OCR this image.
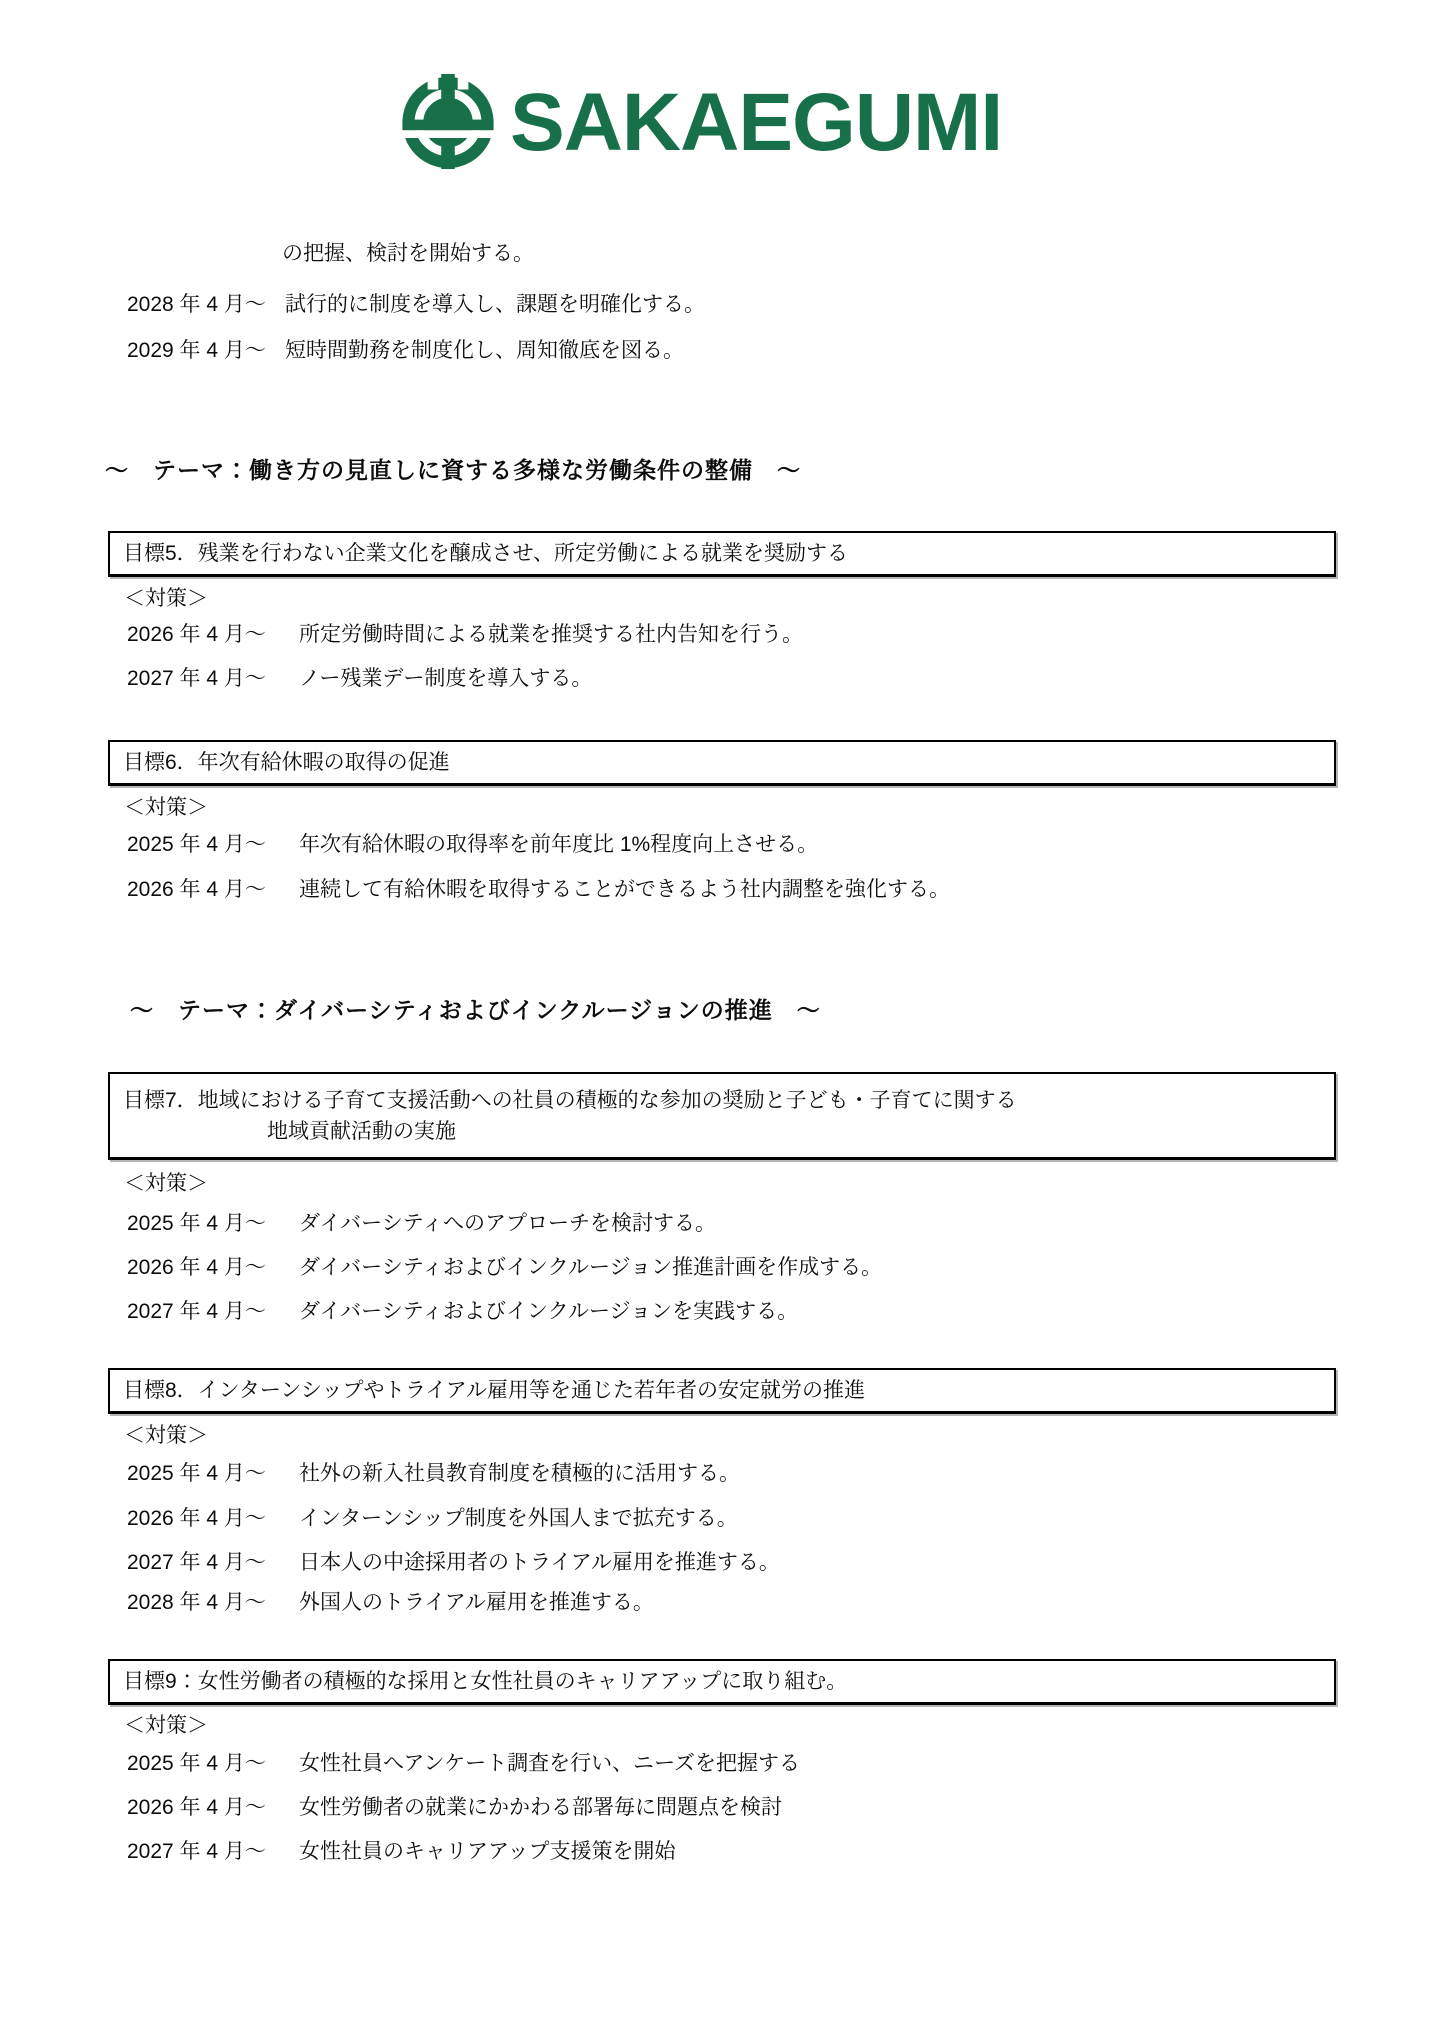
SAKAEGUMI
の把握、検討を開始する。
2028 年 4 月～ 試行的に制度を導入し、課題を明確化する。
2029 年 4 月～ 短時間勤務を制度化し、周知徹底を図る。
～　テーマ：働き方の見直しに資する多様な労働条件の整備　～
目標5．残業を行わない企業文化を醸成させ、所定労働による就業を奨励する
＜対策＞
2026 年 4 月～	所定労働時間による就業を推奨する社内告知を行う。
2027 年 4 月～	ノー残業デー制度を導入する。
目標6．年次有給休暇の取得の促進
＜対策＞
2025 年 4 月～	年次有給休暇の取得率を前年度比 1%程度向上させる。
2026 年 4 月～	連続して有給休暇を取得することができるよう社内調整を強化する。
～　テーマ：ダイバーシティおよびインクルージョンの推進　～
目標7．地域における子育て支援活動への社員の積極的な参加の奨励と子ども・子育てに関する
地域貢献活動の実施
＜対策＞
2025 年 4 月～	ダイバーシティへのアプローチを検討する。
2026 年 4 月～	ダイバーシティおよびインクルージョン推進計画を作成する。
2027 年 4 月～	ダイバーシティおよびインクルージョンを実践する。
目標8．インターンシップやトライアル雇用等を通じた若年者の安定就労の推進
＜対策＞
2025 年 4 月～	社外の新入社員教育制度を積極的に活用する。
2026 年 4 月～	インターンシップ制度を外国人まで拡充する。
2027 年 4 月～	日本人の中途採用者のトライアル雇用を推進する。
2028 年 4 月～	外国人のトライアル雇用を推進する。
目標9：女性労働者の積極的な採用と女性社員のキャリアアップに取り組む。
＜対策＞
2025 年 4 月～	女性社員へアンケート調査を行い、ニーズを把握する
2026 年 4 月～	女性労働者の就業にかかわる部署毎に問題点を検討
2027 年 4 月～	女性社員のキャリアアップ支援策を開始
